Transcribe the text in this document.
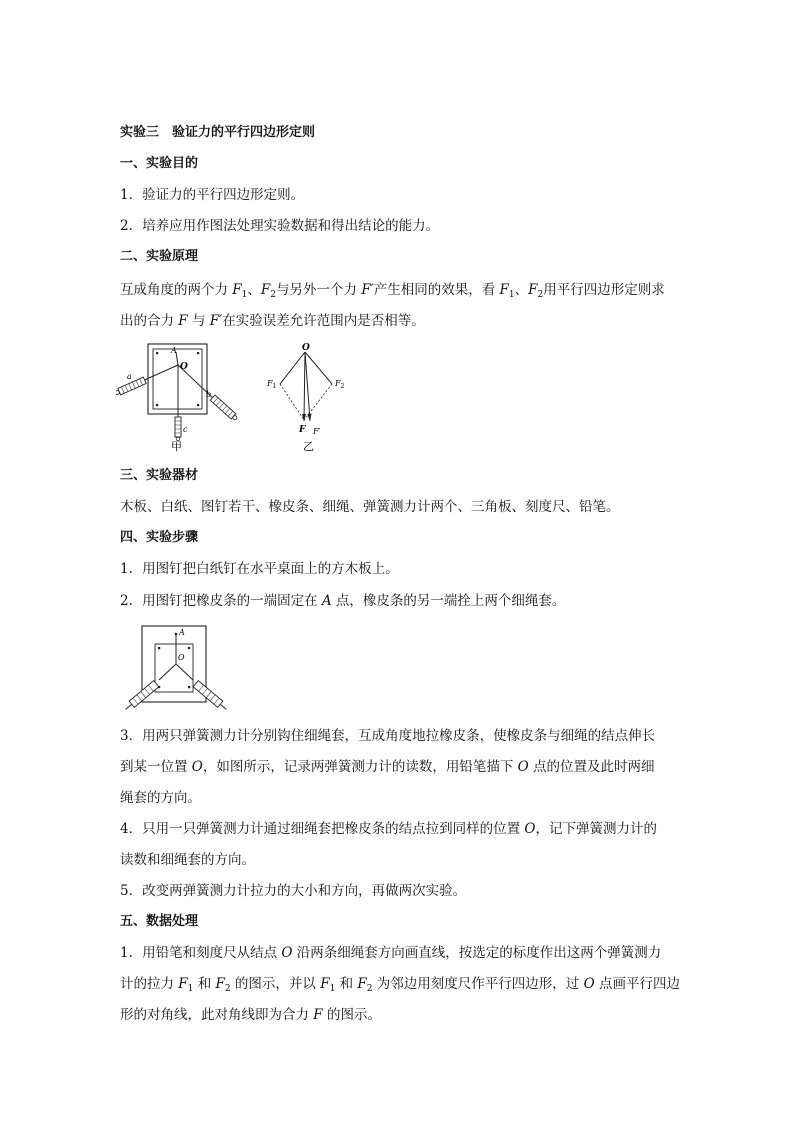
实验三　验证力的平行四边形定则
一、实验目的
1．验证力的平行四边形定则。
2．培养应用作图法处理实验数据和得出结论的能力。
二、实验原理
互成角度的两个力 $F_1$、$F_2$与另外一个力 F′产生相同的效果，看 $F_1$、$F_2$用平行四边形定则求
出的合力 F 与 F′在实验误差允许范围内是否相等。
A
O
a
b
c
甲
O
$F_1$	$F_2$
F F′
乙
三、实验器材
木板、白纸、图钉若干、橡皮条、细绳、弹簧测力计两个、三角板、刻度尺、铅笔。
四、实验步骤
1．用图钉把白纸钉在水平桌面上的方木板上。
2．用图钉把橡皮条的一端固定在 A 点，橡皮条的另一端拴上两个细绳套。
A
O
3．用两只弹簧测力计分别钩住细绳套，互成角度地拉橡皮条，使橡皮条与细绳的结点伸长
到某一位置 O，如图所示，记录两弹簧测力计的读数，用铅笔描下 O 点的位置及此时两细
绳套的方向。
4．只用一只弹簧测力计通过细绳套把橡皮条的结点拉到同样的位置 O，记下弹簧测力计的
读数和细绳套的方向。
5．改变两弹簧测力计拉力的大小和方向，再做两次实验。
五、数据处理
1．用铅笔和刻度尺从结点 O 沿两条细绳套方向画直线，按选定的标度作出这两个弹簧测力
计的拉力 $F_1$ 和 $F_2$ 的图示，并以 $F_1$ 和 $F_2$ 为邻边用刻度尺作平行四边形，过 O 点画平行四边
形的对角线，此对角线即为合力 F 的图示。
